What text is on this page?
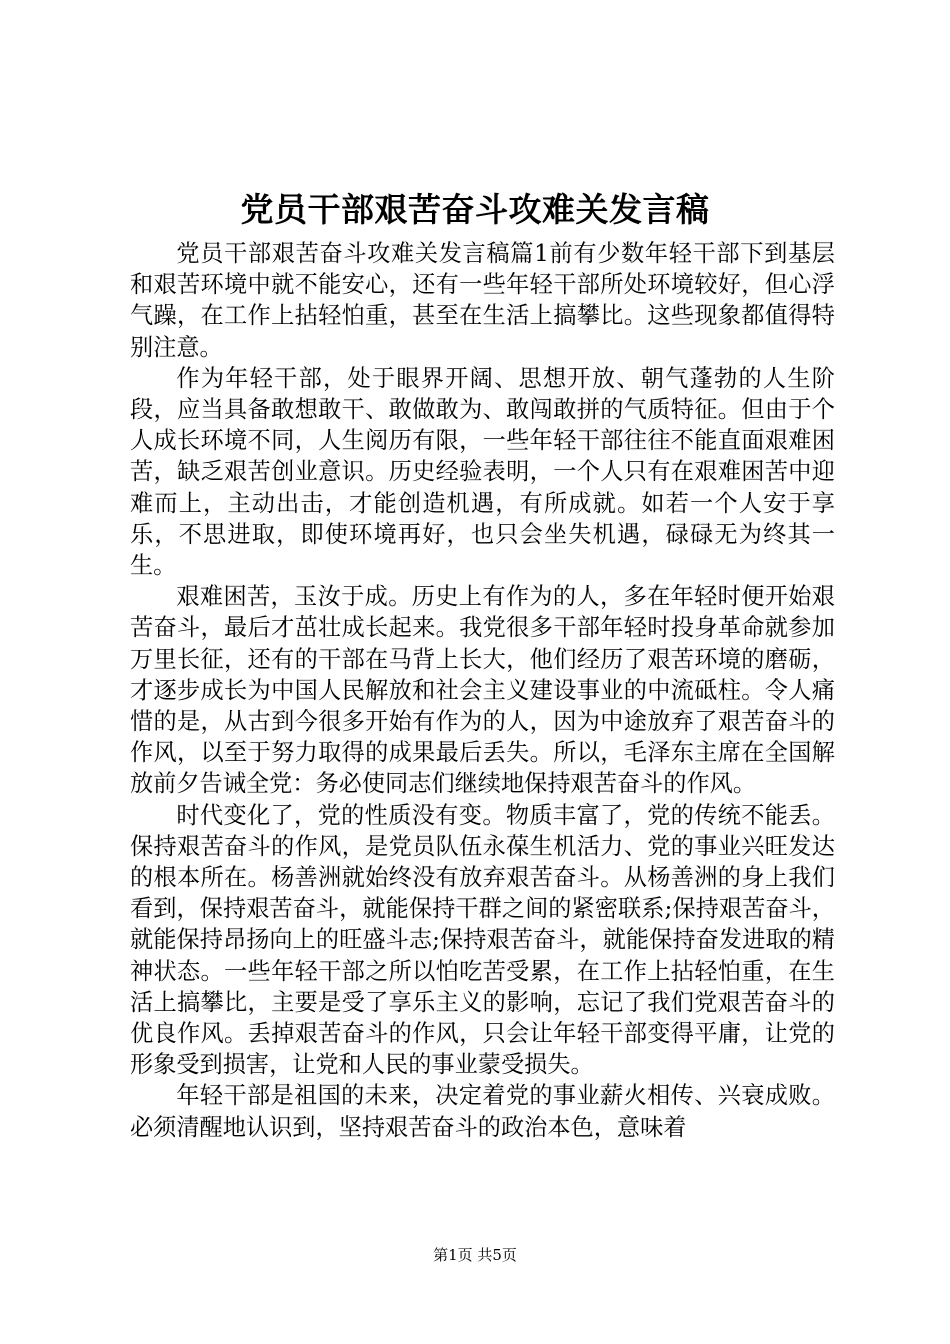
党员干部艰苦奋斗攻难关发言稿

党员干部艰苦奋斗攻难关发言稿篇1前有少数年轻干部下到基层和艰苦环境中就不能安心，还有一些年轻干部所处环境较好，但心浮气躁，在工作上拈轻怕重，甚至在生活上搞攀比。这些现象都值得特别注意。

作为年轻干部，处于眼界开阔、思想开放、朝气蓬勃的人生阶段，应当具备敢想敢干、敢做敢为、敢闯敢拼的气质特征。但由于个人成长环境不同，人生阅历有限，一些年轻干部往往不能直面艰难困苦，缺乏艰苦创业意识。历史经验表明，一个人只有在艰难困苦中迎难而上，主动出击，才能创造机遇，有所成就。如若一个人安于享乐，不思进取，即使环境再好，也只会坐失机遇，碌碌无为终其一生。

艰难困苦，玉汝于成。历史上有作为的人，多在年轻时便开始艰苦奋斗，最后才茁壮成长起来。我党很多干部年轻时投身革命就参加万里长征，还有的干部在马背上长大，他们经历了艰苦环境的磨砺，才逐步成长为中国人民解放和社会主义建设事业的中流砥柱。令人痛惜的是，从古到今很多开始有作为的人，因为中途放弃了艰苦奋斗的作风，以至于努力取得的成果最后丢失。所以，毛泽东主席在全国解放前夕告诫全党：务必使同志们继续地保持艰苦奋斗的作风。

时代变化了，党的性质没有变。物质丰富了，党的传统不能丢。保持艰苦奋斗的作风，是党员队伍永葆生机活力、党的事业兴旺发达的根本所在。杨善洲就始终没有放弃艰苦奋斗。从杨善洲的身上我们看到，保持艰苦奋斗，就能保持干群之间的紧密联系;保持艰苦奋斗，就能保持昂扬向上的旺盛斗志;保持艰苦奋斗，就能保持奋发进取的精神状态。一些年轻干部之所以怕吃苦受累，在工作上拈轻怕重，在生活上搞攀比，主要是受了享乐主义的影响，忘记了我们党艰苦奋斗的优良作风。丢掉艰苦奋斗的作风，只会让年轻干部变得平庸，让党的形象受到损害，让党和人民的事业蒙受损失。

年轻干部是祖国的未来，决定着党的事业薪火相传、兴衰成败。必须清醒地认识到，坚持艰苦奋斗的政治本色，意味着

第1页 共5页
